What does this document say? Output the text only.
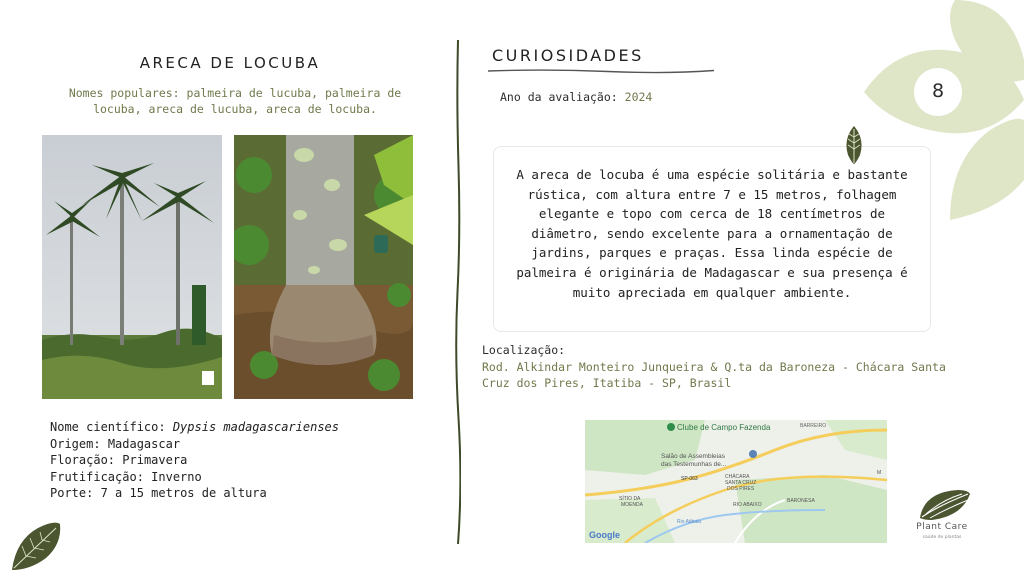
ARECA DE LOCUBA
Nomes populares: palmeira de lucuba, palmeira de locuba, areca de lucuba, areca de locuba.
Nome científico: Dypsis madagascarienses
Origem: Madagascar
Floração: Primavera
Frutificação: Inverno
Porte: 7 a 15 metros de altura
CURIOSIDADES
Ano da avaliação: 2024
A areca de locuba é uma espécie solitária e bastante rústica, com altura entre 7 e 15 metros, folhagem elegante e topo com cerca de 18 centímetros de diâmetro, sendo excelente para a ornamentação de jardins, parques e praças. Essa linda espécie de palmeira é originária de Madagascar e sua presença é muito apreciada em qualquer ambiente.
Localização:
Rod. Alkindar Monteiro Junqueira & Q.ta da Baroneza - Chácara Santa Cruz dos Pires, Itatiba - SP, Brasil
Clube de Campo Fazenda	BARREIRO
Salão de Assembleias
das Testemunhas de...
SP-063	CHÁCARA
SANTA CRUZ
DOS PIRES
SÍTIO DA
MOENDA	RIO ABAIXO
BARONESA
Rio Atibaia
M
Google
8
Plant Care
saúde de plantas
